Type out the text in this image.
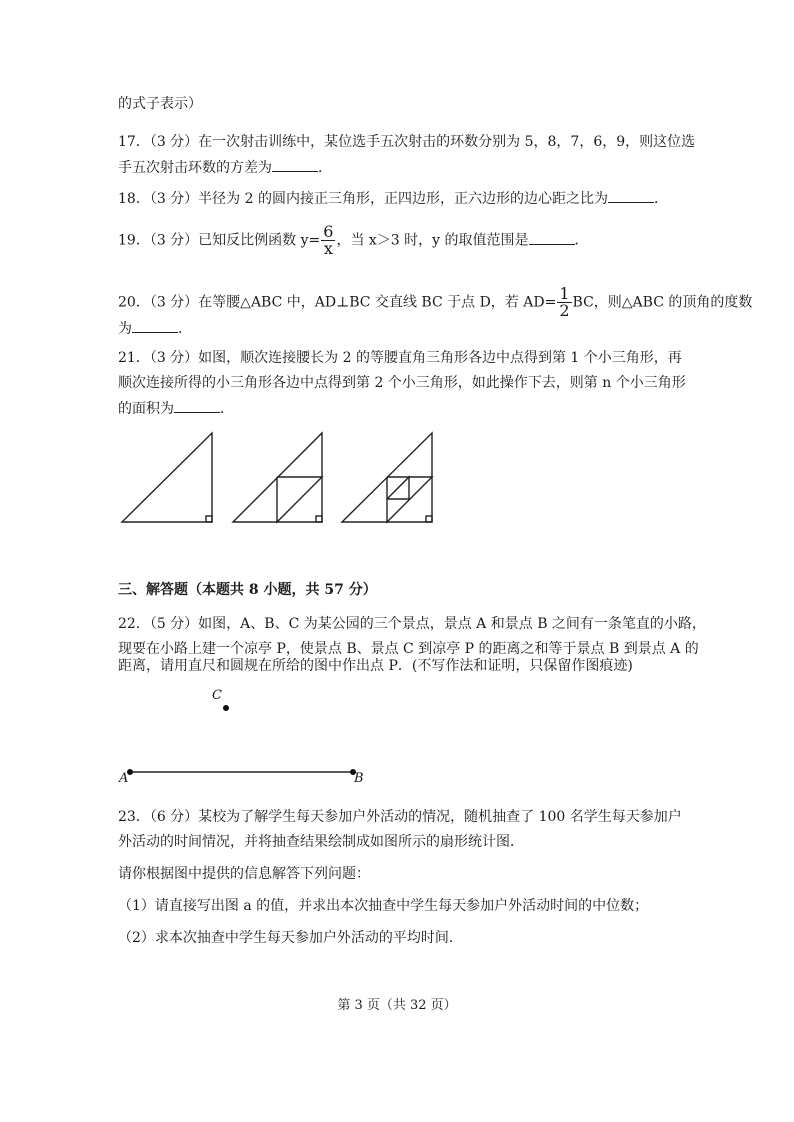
的式子表示）
17．（3 分）在一次射击训练中，某位选手五次射击的环数分别为 5，8，7，6，9，则这位选
手五次射击环数的方差为	．
18．（3 分）半径为 2 的圆内接正三角形，正四边形，正六边形的边心距之比为	．
19．（3 分）已知反比例函数 $y= \frac{6}{x}$ ，当 x＞3 时，y 的取值范围是	．
20．（3 分）在等腰△ABC 中，AD⊥BC 交直线 BC 于点 D，若 $AD= \frac{1}{2}$ BC，则△ABC 的顶角的度数
为	．
21．（3 分）如图，顺次连接腰长为 2 的等腰直角三角形各边中点得到第 1 个小三角形，再
顺次连接所得的小三角形各边中点得到第 2 个小三角形，如此操作下去，则第 n 个小三角形
的面积为	．
三、解答题（本题共 8 小题，共 57 分）
22．（5 分）如图，A、B、C 为某公园的三个景点，景点 A 和景点 B 之间有一条笔直的小路，
现要在小路上建一个凉亭 P，使景点 B、景点 C 到凉亭 P 的距离之和等于景点 B 到景点 A 的
距离，请用直尺和圆规在所给的图中作出点 P．(不写作法和证明，只保留作图痕迹)
C
A	B
23．（6 分）某校为了解学生每天参加户外活动的情况，随机抽查了 100 名学生每天参加户
外活动的时间情况，并将抽查结果绘制成如图所示的扇形统计图．
请你根据图中提供的信息解答下列问题：
（1）请直接写出图 a 的值，并求出本次抽查中学生每天参加户外活动时间的中位数；
（2）求本次抽查中学生每天参加户外活动的平均时间．
第 3 页（共 32 页）
